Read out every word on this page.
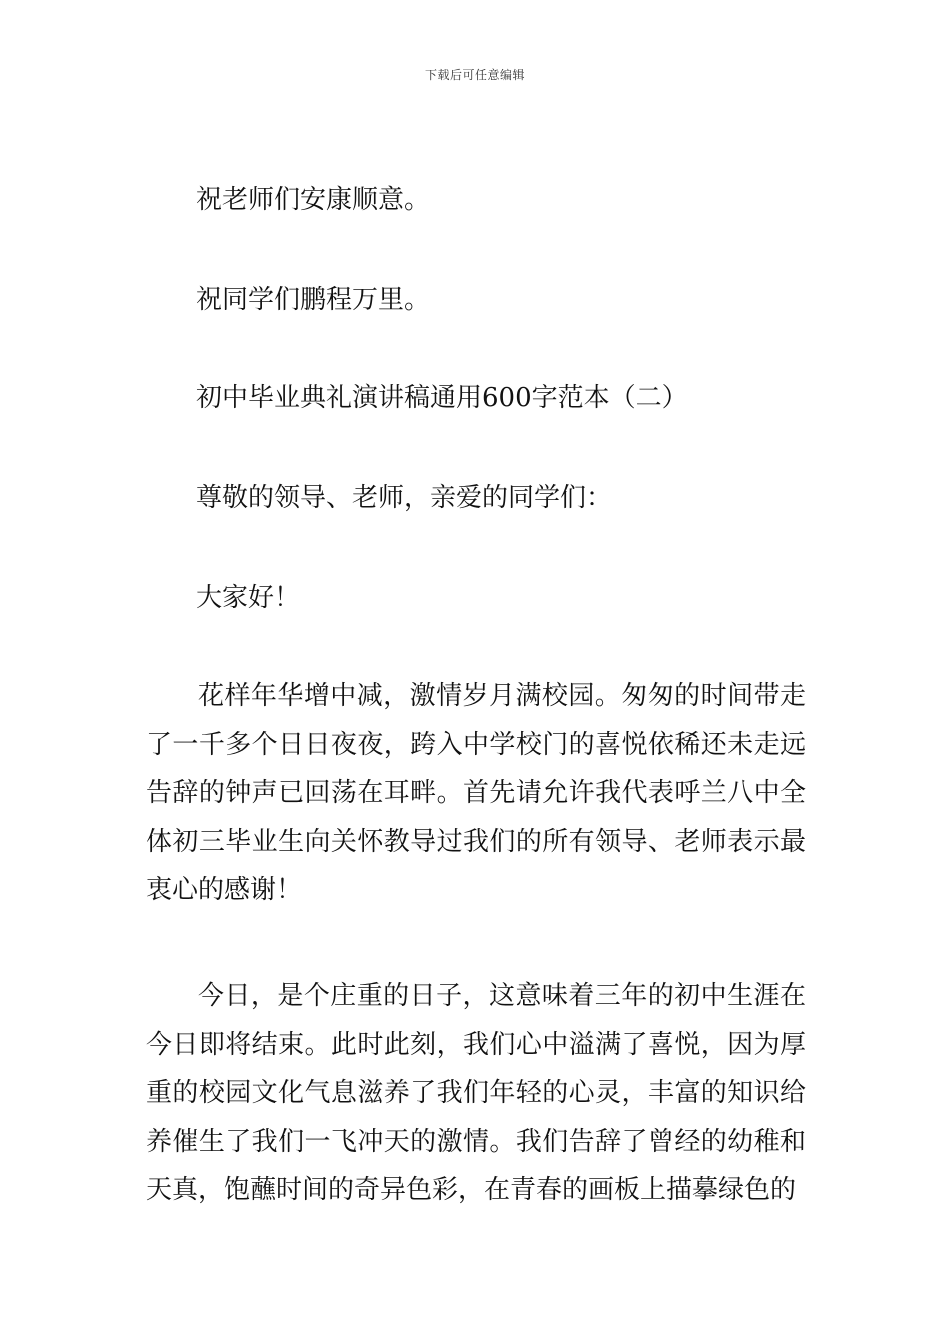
下载后可任意编辑
祝老师们安康顺意。
祝同学们鹏程万里。
初中毕业典礼演讲稿通用600字范本（二）
尊敬的领导、老师，亲爱的同学们：
大家好！
花样年华增中减，激情岁月满校园。匆匆的时间带走了一千多个日日夜夜，跨入中学校门的喜悦依稀还未走远告辞的钟声已回荡在耳畔。首先请允许我代表呼兰八中全体初三毕业生向关怀教导过我们的所有领导、老师表示最衷心的感谢！
今日，是个庄重的日子，这意味着三年的初中生涯在今日即将结束。此时此刻，我们心中溢满了喜悦，因为厚重的校园文化气息滋养了我们年轻的心灵，丰富的知识给养催生了我们一飞冲天的激情。我们告辞了曾经的幼稚和天真，饱蘸时间的奇异色彩，在青春的画板上描摹绿色的
